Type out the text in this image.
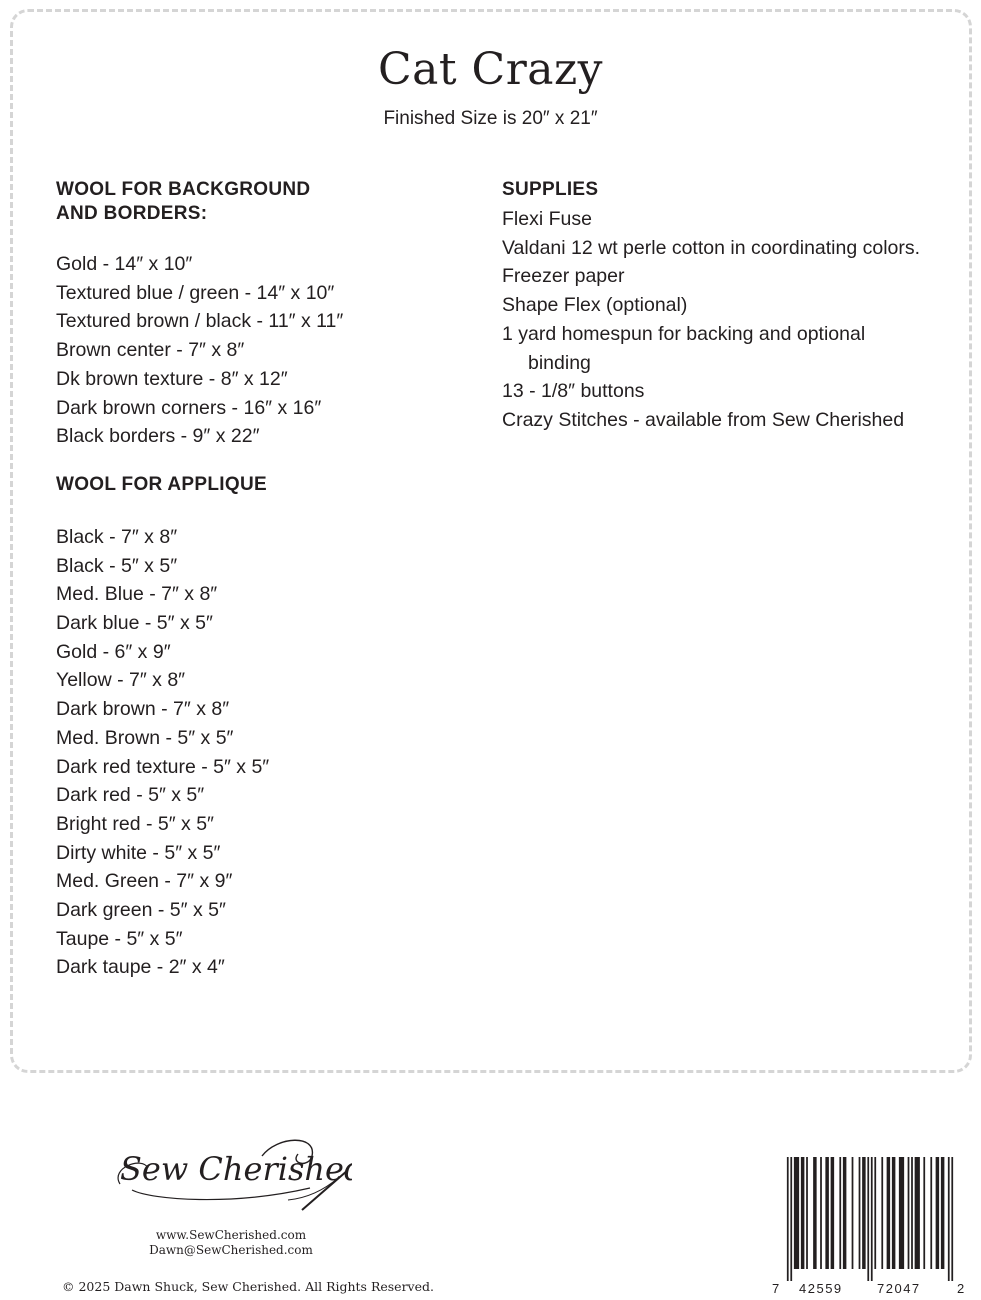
Cat Crazy
Finished Size is 20″ x 21″
WOOL FOR BACKGROUND
AND BORDERS:
Gold - 14″ x 10″
Textured blue / green - 14″ x 10″
Textured brown / black - 11″ x 11″
Brown center - 7″ x 8″
Dk brown texture - 8″ x 12″
Dark brown corners - 16″ x 16″
Black borders - 9″ x 22″
WOOL FOR APPLIQUE
Black - 7″ x 8″
Black - 5″ x 5″
Med. Blue - 7″ x 8″
Dark blue - 5″ x 5″
Gold - 6″ x 9″
Yellow - 7″ x 8″
Dark brown - 7″ x 8″
Med. Brown - 5″ x 5″
Dark red texture - 5″ x 5″
Dark red - 5″ x 5″
Bright red - 5″ x 5″
Dirty white - 5″ x 5″
Med. Green - 7″ x 9″
Dark green - 5″ x 5″
Taupe - 5″ x 5″
Dark taupe - 2″ x 4″
SUPPLIES
Flexi Fuse
Valdani 12 wt perle cotton in coordinating colors.
Freezer paper
Shape Flex (optional)
1 yard homespun for backing and optional binding
13 - 1/8″ buttons
Crazy Stitches - available from Sew Cherished
Sew Cherished
www.SewCherished.com
Dawn@SewCherished.com
© 2025 Dawn Shuck, Sew Cherished. All Rights Reserved.	7 42559	72047	2
